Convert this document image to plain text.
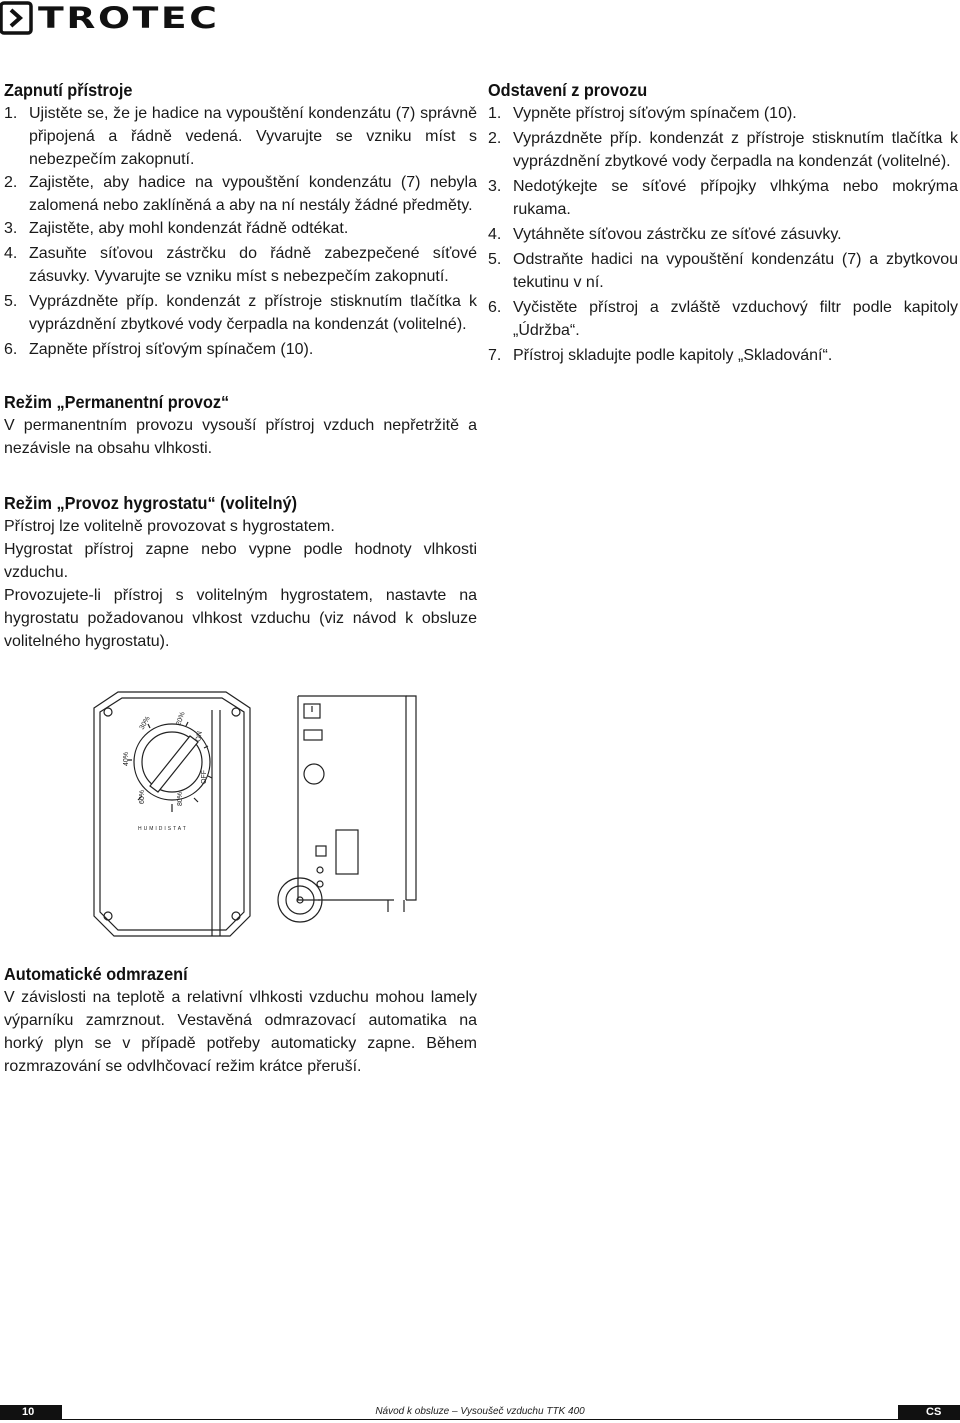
TROTEC
Zapnutí přístroje
1. Ujistěte se, že je hadice na vypouštění kondenzátu (7) správně připojená a řádně vedená. Vyvarujte se vzniku míst s nebezpečím zakopnutí.
2. Zajistěte, aby hadice na vypouštění kondenzátu (7) nebyla zalomená nebo zaklíněná a aby na ní nestály žádné předměty.
3. Zajistěte, aby mohl kondenzát řádně odtékat.
4. Zasuňte síťovou zástrčku do řádně zabezpečené síťové zásuvky. Vyvarujte se vzniku míst s nebezpečím zakopnutí.
5. Vyprázdněte příp. kondenzát z přístroje stisknutím tlačítka k vyprázdnění zbytkové vody čerpadla na kondenzát (volitelné).
6. Zapněte přístroj síťovým spínačem (10).
Režim „Permanentní provoz“

V permanentním provozu vysouší přístroj vzduch nepřetržitě a nezávisle na obsahu vlhkosti.

Režim „Provoz hygrostatu“ (volitelný)

Přístroj lze volitelně provozovat s hygrostatem.

Hygrostat přístroj zapne nebo vypne podle hodnoty vlhkosti vzduchu.

Provozujete-li přístroj s volitelným hygrostatem, nastavte na hygrostatu požadovanou vlhkost vzduchu (viz návod k obsluze volitelného hygrostatu).

Odstavení z provozu
1. Vypněte přístroj síťovým spínačem (10).
2. Vyprázdněte příp. kondenzát z přístroje stisknutím tlačítka k vyprázdnění zbytkové vody čerpadla na kondenzát (volitelné).
3. Nedotýkejte se síťové přípojky vlhkýma nebo mokrýma rukama.
4. Vytáhněte síťovou zástrčku ze síťové zásuvky.
5. Odstraňte hadici na vypouštění kondenzátu (7) a zbytkovou tekutinu v ní.
6. Vyčistěte přístroj a zvláště vzduchový filtr podle kapitoly „Údržba“.
7. Přístroj skladujte podle kapitoly „Skladování“.
30%	20%
ON
40%
OFF
60%	80%
HUMIDISTAT
Automatické odmrazení

V závislosti na teplotě a relativní vlhkosti vzduchu mohou lamely výparníku zamrznout. Vestavěná odmrazovací automatika na horký plyn se v případě potřeby automaticky zapne. Během rozmrazování se odvlhčovací režim krátce přeruší.

10	Návod k obsluze – Vysoušeč vzduchu TTK 400	CS
